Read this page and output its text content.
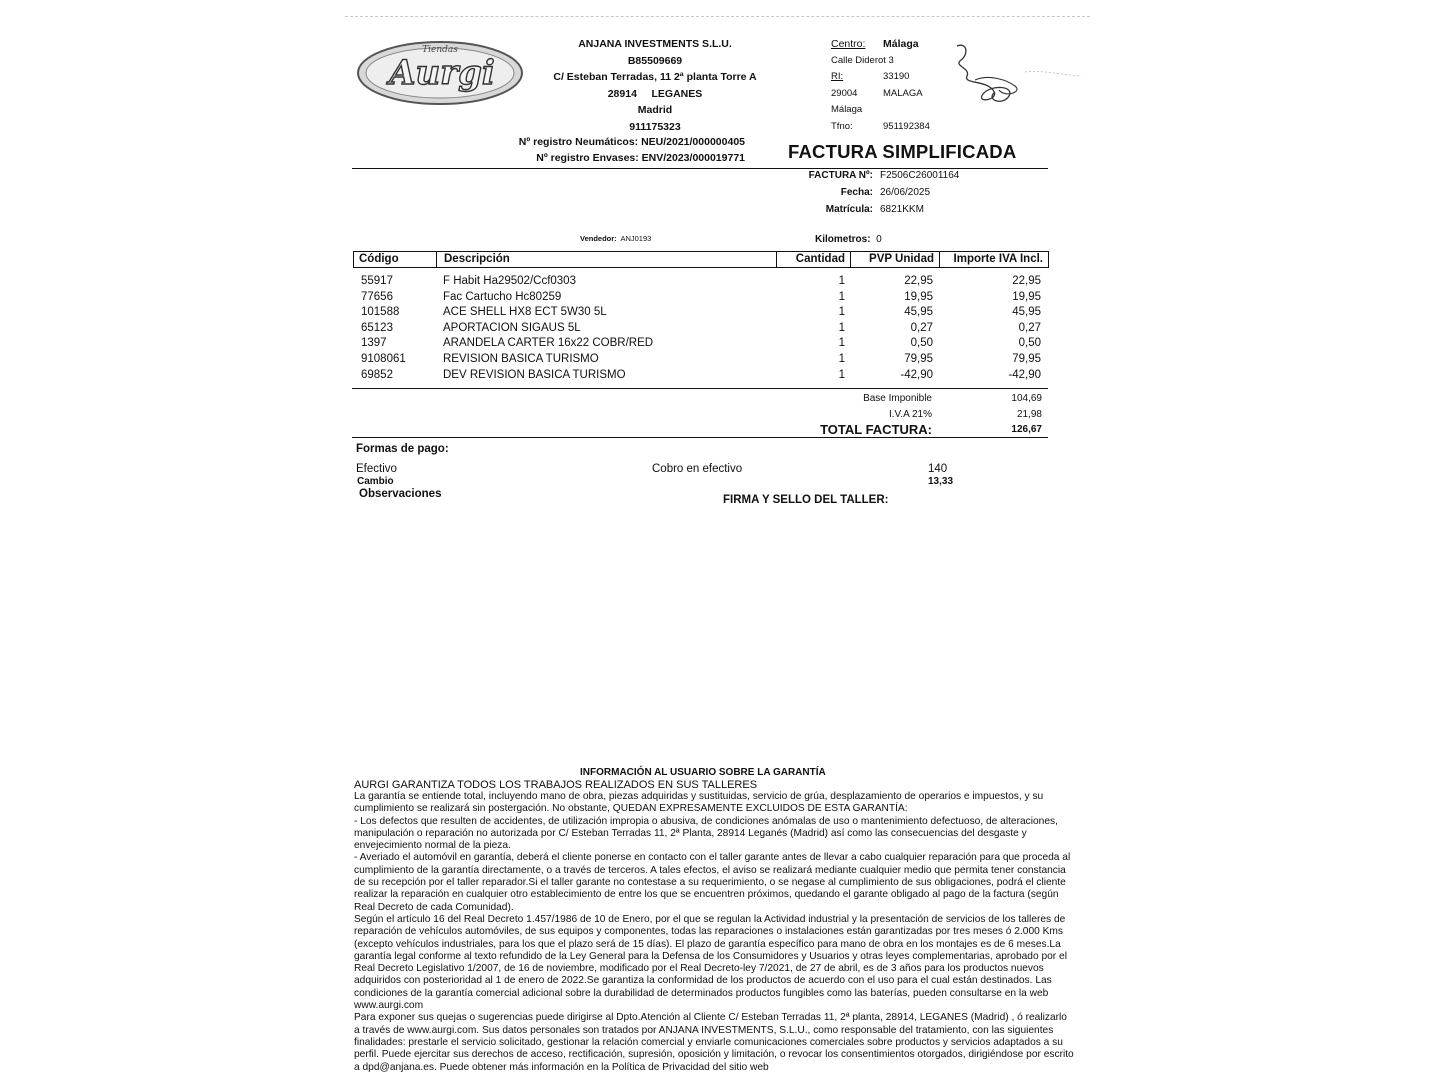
Tiendas
Aurgi
ANJANA INVESTMENTS S.L.U.
B85509669
C/ Esteban Terradas, 11 2ª planta Torre A
28914     LEGANES
Madrid
911175323
Nº registro Neumáticos: NEU/2021/000000405
Nº registro Envases: ENV/2023/000019771
Centro:	Málaga
Calle Diderot 3
RI:	33190
29004	MALAGA
Málaga
Tfno:	951192384
FACTURA SIMPLIFICADA
FACTURA Nº: F2506C26001164
Fecha: 26/06/2025
Matrícula: 6821KKM
Vendedor: ANJ0193	Kilometros: 0
Código	Descripción	Cantidad	PVP Unidad	Importe IVA Incl.
55917	F Habit Ha29502/Ccf0303	1	22,95	22,95
77656	Fac Cartucho Hc80259	1	19,95	19,95
101588	ACE SHELL HX8 ECT 5W30 5L	1	45,95	45,95
65123	APORTACION SIGAUS 5L	1	0,27	0,27
1397	ARANDELA CARTER 16x22 COBR/RED	1	0,50	0,50
9108061	REVISION BASICA TURISMO	1	79,95	79,95
69852	DEV REVISION BASICA TURISMO	1	-42,90	-42,90
Base Imponible	104,69
I.V.A 21%	21,98
TOTAL FACTURA:	126,67
Formas de pago:
Efectivo	Cobro en efectivo	140
Cambio	13,33
Observaciones	FIRMA Y SELLO DEL TALLER:
INFORMACIÓN AL USUARIO SOBRE LA GARANTÍA
AURGI GARANTIZA TODOS LOS TRABAJOS REALIZADOS EN SUS TALLERES

La garantía se entiende total, incluyendo mano de obra, piezas adquiridas y sustituidas, servicio de grúa, desplazamiento de operarios e impuestos, y su cumplimiento se realizará sin postergación. No obstante, QUEDAN EXPRESAMENTE EXCLUIDOS DE ESTA GARANTÍA:

- Los defectos que resulten de accidentes, de utilización impropia o abusiva, de condiciones anómalas de uso o mantenimiento defectuoso, de alteraciones, manipulación o reparación no autorizada por C/ Esteban Terradas 11, 2ª Planta, 28914 Leganés (Madrid) así como las consecuencias del desgaste y envejecimiento normal de la pieza.

- Averiado el automóvil en garantía, deberá el cliente ponerse en contacto con el taller garante antes de llevar a cabo cualquier reparación para que proceda al cumplimiento de la garantía directamente, o a través de terceros. A tales efectos, el aviso se realizará mediante cualquier medio que permita tener constancia de su recepción por el taller reparador.Si el taller garante no contestase a su requerimiento, o se negase al cumplimiento de sus obligaciones, podrá el cliente realizar la reparación en cualquier otro establecimiento de entre los que se encuentren próximos, quedando el garante obligado al pago de la factura (según Real Decreto de cada Comunidad).

Según el artículo 16 del Real Decreto 1.457/1986 de 10 de Enero, por el que se regulan la Actividad industrial y la presentación de servicios de los talleres de reparación de vehículos automóviles, de sus equipos y componentes, todas las reparaciones o instalaciones están garantizadas por tres meses ó 2.000 Kms (excepto vehículos industriales, para los que el plazo será de 15 días). El plazo de garantía específico para mano de obra en los montajes es de 6 meses.La garantía legal conforme al texto refundido de la Ley General para la Defensa de los Consumidores y Usuarios y otras leyes complementarias, aprobado por el Real Decreto Legislativo 1/2007, de 16 de noviembre, modificado por el Real Decreto-ley 7/2021, de 27 de abril, es de 3 años para los productos nuevos adquiridos con posterioridad al 1 de enero de 2022.Se garantiza la conformidad de los productos de acuerdo con el uso para el cual están destinados. Las condiciones de la garantía comercial adicional sobre la durabilidad de determinados productos fungibles como las baterías, pueden consultarse en la web www.aurgi.com

Para exponer sus quejas o sugerencias puede dirigirse al Dpto.Atención al Cliente C/ Esteban Terradas 11, 2ª planta, 28914, LEGANES (Madrid) , ó realizarlo a través de www.aurgi.com. Sus datos personales son tratados por ANJANA INVESTMENTS, S.L.U., como responsable del tratamiento, con las siguientes finalidades: prestarle el servicio solicitado, gestionar la relación comercial y enviarle comunicaciones comerciales sobre productos y servicios adaptados a su perfil. Puede ejercitar sus derechos de acceso, rectificación, supresión, oposición y limitación, o revocar los consentimientos otorgados, dirigiéndose por escrito a dpd@anjana.es. Puede obtener más información en la Política de Privacidad del sitio web
